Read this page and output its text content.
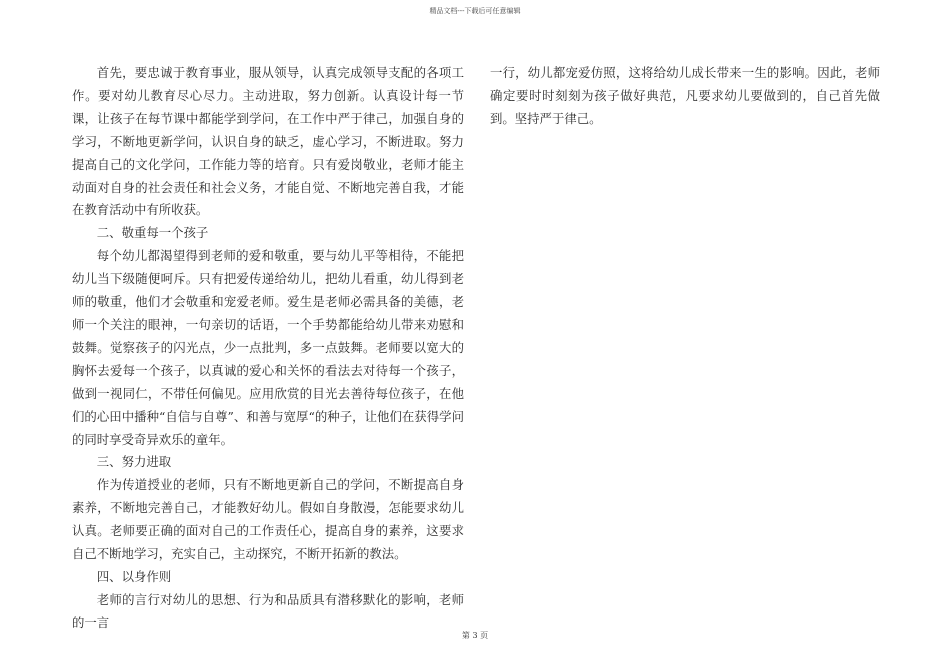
精品文档---下载后可任意编辑

首先，要忠诚于教育事业，服从领导，认真完成领导支配的各项工作。要对幼儿教育尽心尽力。主动进取，努力创新。认真设计每一节课，让孩子在每节课中都能学到学问，在工作中严于律己，加强自身的学习，不断地更新学问，认识自身的缺乏，虚心学习，不断进取。努力提高自己的文化学问，工作能力等的培育。只有爱岗敬业，老师才能主动面对自身的社会责任和社会义务，才能自觉、不断地完善自我，才能在教育活动中有所收获。

二、敬重每一个孩子

每个幼儿都渴望得到老师的爱和敬重，要与幼儿平等相待，不能把幼儿当下级随便呵斥。只有把爱传递给幼儿，把幼儿看重，幼儿得到老师的敬重，他们才会敬重和宠爱老师。爱生是老师必需具备的美德，老师一个关注的眼神，一句亲切的话语，一个手势都能给幼儿带来劝慰和鼓舞。觉察孩子的闪光点，少一点批判，多一点鼓舞。老师要以宽大的胸怀去爱每一个孩子，以真诚的爱心和关怀的看法去对待每一个孩子，做到一视同仁，不带任何偏见。应用欣赏的目光去善待每位孩子，在他们的心田中播种“自信与自尊”、和善与宽厚“的种子，让他们在获得学问的同时享受奇异欢乐的童年。

三、努力进取

作为传道授业的老师，只有不断地更新自己的学问，不断提高自身素养，不断地完善自己，才能教好幼儿。假如自身散漫，怎能要求幼儿认真。老师要正确的面对自己的工作责任心，提高自身的素养，这要求自己不断地学习，充实自己，主动探究，不断开拓新的教法。

四、以身作则

老师的言行对幼儿的思想、行为和品质具有潜移默化的影响，老师的一言

一行，幼儿都宠爱仿照，这将给幼儿成长带来一生的影响。因此，老师确定要时时刻刻为孩子做好典范，凡要求幼儿要做到的，自己首先做到。坚持严于律己。

第 3 页
